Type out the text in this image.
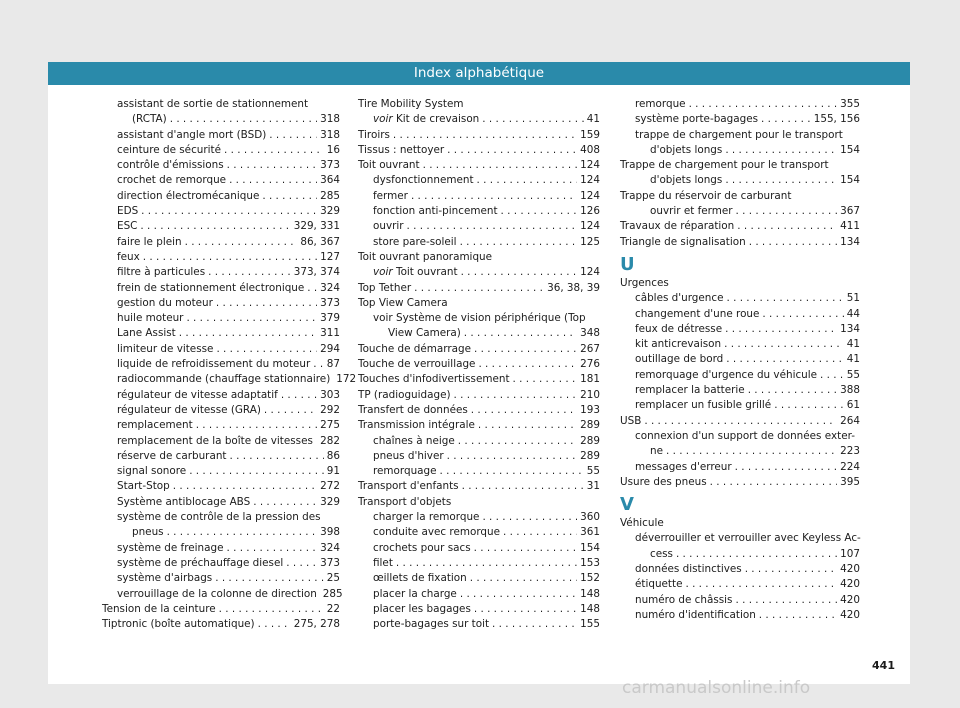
Index alphabétique
assistant de sortie de stationnement
(RCTA) . . .	318
assistant d'angle mort (BSD) . . .	318
ceinture de sécurité . . .	16
contrôle d'émissions . . .	373
crochet de remorque . . .	364
direction électromécanique . . .	285
EDS . . .	329
ESC . . .	329, 331
faire le plein . . .	86, 367
feux . . .	127
filtre à particules . . .	373, 374
frein de stationnement électronique . . . 324
gestion du moteur . . .	373
huile moteur . . .	379
Lane Assist . . .	311
limiteur de vitesse . . .	294
liquide de refroidissement du moteur . . . 87
radiocommande (chauffage stationnaire) 172
régulateur de vitesse adaptatif . . .	303
régulateur de vitesse (GRA) . . .	292
remplacement . . .	275
remplacement de la boîte de vitesses . . . 282
réserve de carburant . . .	86
signal sonore . . .	91
Start-Stop . . .	272
Système antiblocage ABS . . .	329
système de contrôle de la pression des
pneus . . .	398
système de freinage . . .	324
système de préchauffage diesel . . .	373
système d'airbags . . .	25
verrouillage de la colonne de direction 285
Tension de la ceinture . . .	22
Tiptronic (boîte automatique) . . .	275, 278
Tire Mobility System
voir Kit de crevaison . . .	41
Tiroirs . . .	159
Tissus : nettoyer . . .	408
Toit ouvrant . . .	124
dysfonctionnement . . .	124
fermer . . .	124
fonction anti-pincement . . .	126
ouvrir . . .	124
store pare-soleil . . .	125
Toit ouvrant panoramique
voir Toit ouvrant . . .	124
Top Tether . . .	36, 38, 39
Top View Camera
voir Système de vision périphérique (Top
View Camera) . . .	348
Touche de démarrage . . .	267
Touche de verrouillage . . .	276
Touches d'infodivertissement . . .	181
TP (radioguidage) . . .	210
Transfert de données . . .	193
Transmission intégrale . . .	289
chaînes à neige . . .	289
pneus d'hiver . . .	289
remorquage . . .	55
Transport d'enfants . . .	31
Transport d'objets
charger la remorque . . .	360
conduite avec remorque . . .	361
crochets pour sacs . . .	154
filet . . .	153
œillets de fixation . . .	152
placer la charge . . .	148
placer les bagages . . .	148
porte-bagages sur toit . . .	155
remorque . . .	355
système porte-bagages . . .	155, 156
trappe de chargement pour le transport
d'objets longs . . .	154
Trappe de chargement pour le transport
d'objets longs . . .	154
Trappe du réservoir de carburant
ouvrir et fermer . . .	367
Travaux de réparation . . .	411
Triangle de signalisation . . .	134
U
Urgences
câbles d'urgence . . .	51
changement d'une roue . . .	44
feux de détresse . . .	134
kit anticrevaison . . .	41
outillage de bord . . .	41
remorquage d'urgence du véhicule . . .	55
remplacer la batterie . . .	388
remplacer un fusible grillé . . .	61
USB . . .	264
connexion d'un support de données exter-
ne . . .	223
messages d'erreur . . .	224
Usure des pneus . . .	395
V
Véhicule
déverrouiller et verrouiller avec Keyless Ac-
cess . . .	107
données distinctives . . .	420
étiquette . . .	420
numéro de châssis . . .	420
numéro d'identification . . .	420
441
carmanualsonline.info
